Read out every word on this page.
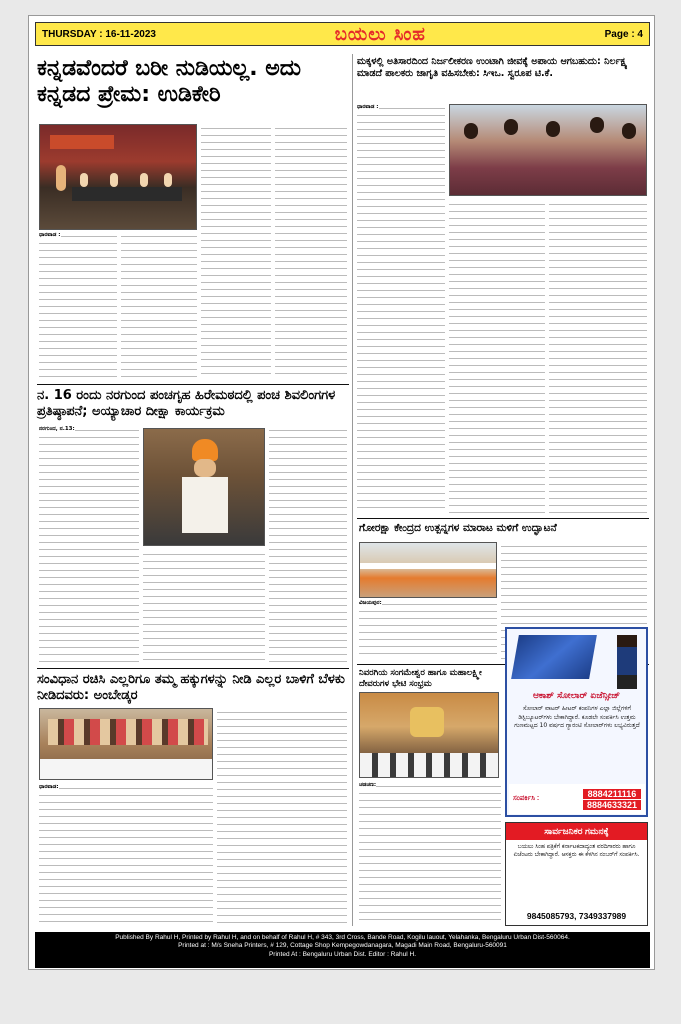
THURSDAY : 16-11-2023	ಬಯಲು ಸಿಂಹ	Page : 4
ಕನ್ನಡವೆಂದರೆ ಬರೀ ನುಡಿಯಲ್ಲ. ಅದು ಕನ್ನಡದ ಪ್ರೇಮ: ಉಡಿಕೇರಿ
ಧಾರವಾಡ :
ನ. 16 ರಂದು ನರಗುಂದ ಪಂಚಗೃಹ ಹಿರೇಮಠದಲ್ಲಿ ಪಂಚ ಶಿವಲಿಂಗಗಳ ಪ್ರತಿಷ್ಠಾಪನೆ; ಅಯ್ಯಾಚಾರ ದೀಕ್ಷಾ ಕಾರ್ಯಕ್ರಮ
ನರಗುಂದ, ನ.13:
ಸಂವಿಧಾನ ರಚಿಸಿ ಎಲ್ಲರಿಗೂ ತಮ್ಮ ಹಕ್ಕುಗಳನ್ನು ನೀಡಿ ಎಲ್ಲರ ಬಾಳಿಗೆ ಬೆಳಕು ನೀಡಿದವರು: ಅಂಬೇಡ್ಕರ
ಧಾರವಾಡ:
ಮಕ್ಕಳಲ್ಲಿ ಅತಿಸಾರದಿಂದ ನಿರ್ಜಲೀಕರಣ ಉಂಟಾಗಿ ಜೀವಕ್ಕೆ ಅಪಾಯ ಆಗಬಹುದು: ನಿರ್ಲಕ್ಷ್ಯ ಮಾಡದೆ ಪಾಲಕರು ಜಾಗೃತಿ ವಹಿಸಬೇಕು: ಸಿಇಒ. ಸ್ವರೂಪ ಟಿ.ಕೆ.
ಧಾರವಾಡ :
ಗೋರಕ್ಷಾ ಕೇಂದ್ರದ ಉತ್ಪನ್ನಗಳ ಮಾರಾಟ ಮಳಿಗೆ ಉದ್ಘಾಟನೆ
ವಿಜಯಪುರ:
ನಿವರಗಿಯ ಸಂಗಮೇಶ್ವರ ಹಾಗೂ ಮಹಾಲಕ್ಷ್ಮೀ ದೇವರುಗಳ ಭೇಟಿ ಸಂಭ್ರಮ
ಚಡಚಣ:
ಆಕಾಶ್ ಸೋಲಾರ್ ಏಜೆನ್ಸೀಜ್
ಸೋಲಾರ್ ವಾಟರ್ ಹೀಟರ್ ಕಂಪನಿಗಳ ಎಲ್ಲಾ ಜಿಲ್ಲೆಗಳಿಗೆ ಡಿಸ್ಟಿಬ್ಯೂಟರ್‌ಗಳು ಬೇಕಾಗಿದ್ದಾರೆ. ಕೂಡಲೇ ಸಂಪರ್ಕಿಸಿ ಉತ್ತಮ ಗುಣಮಟ್ಟದ 10 ವರ್ಷದ ಗ್ಯಾರಂಟಿ ಸೋಲಾರ್‌ಗಳು ಲಭ್ಯವಿರುತ್ತದೆ
ಸಂಪರ್ಕಿಸಿ :	8884211116
8884633321
ಸಾರ್ವಜನಿಕರ ಗಮನಕ್ಕೆ
ಬಯಲು ಸಿಂಹ ಪತ್ರಿಕೆಗೆ ಕರ್ನಾಟಕದಾದ್ಯಂತ ವರದಿಗಾರರು ಹಾಗೂ ಏಜೆಂಟರು ಬೇಕಾಗಿದ್ದಾರೆ. ಆಸಕ್ತರು ಈ ಕೆಳಗಿನ ನಂಬರ್‌ಗೆ ಸಂಪರ್ಕಿಸಿ.
9845085793, 7349337989
Published By Rahul H, Printed by Rahul H, and on behalf of Rahul H, # 343, 3rd Cross, Bande Road, Kogilu lauout, Yelahanka, Bengaluru Urban Dist-560064.
Printed at : M/s Sneha Printers, # 129, Cottage Shop Kempegowdanagara, Magadi Main Road, Bengaluru-560091
Printed At : Bengaluru Urban Dist. Editor : Rahul H.
